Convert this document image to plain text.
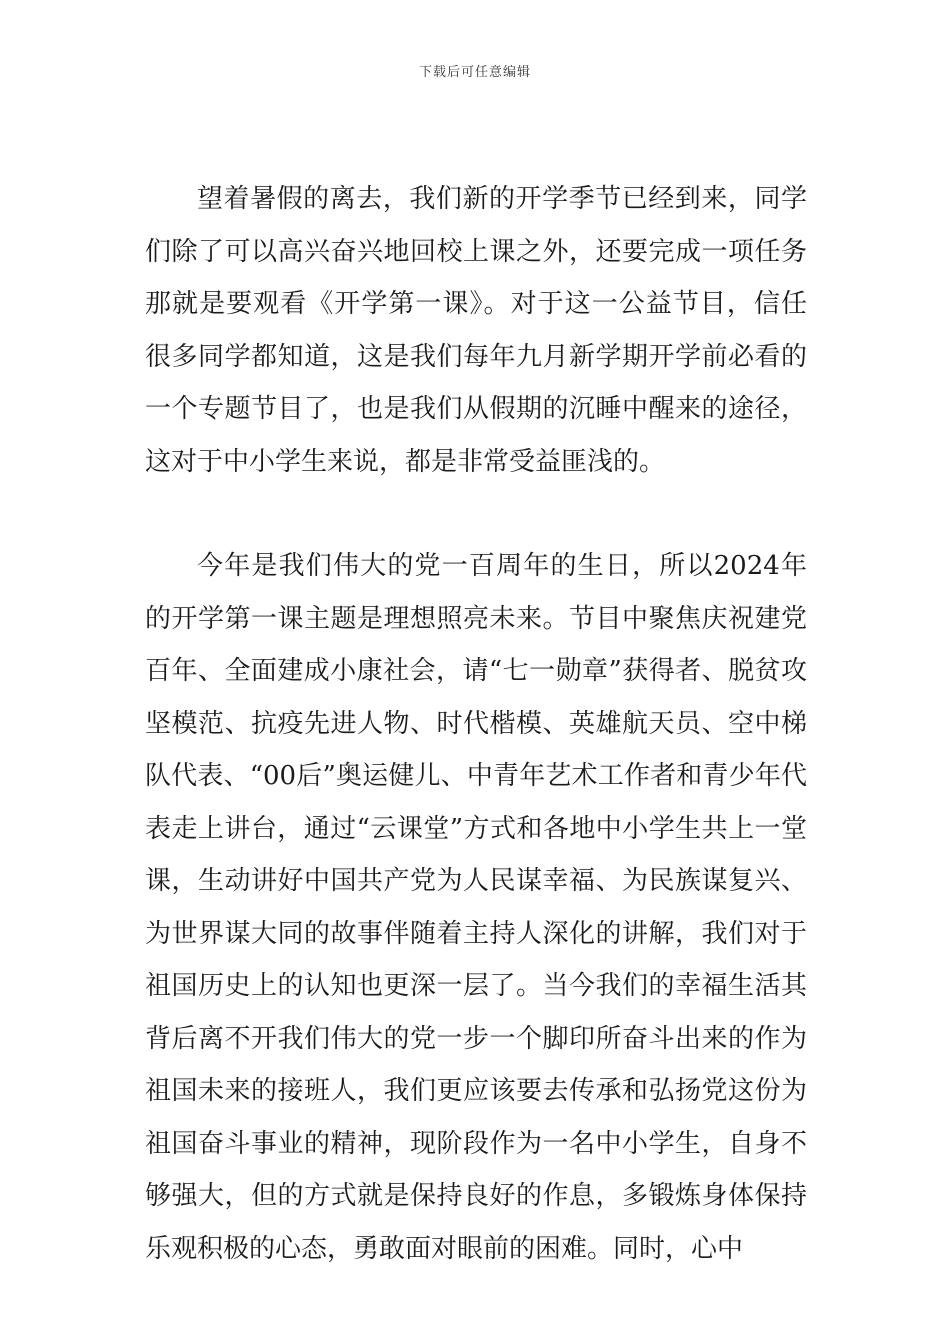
下载后可任意编辑

望着暑假的离去，我们新的开学季节已经到来，同学们除了可以高兴奋兴地回校上课之外，还要完成一项任务那就是要观看《开学第一课》。对于这一公益节目，信任很多同学都知道，这是我们每年九月新学期开学前必看的一个专题节目了，也是我们从假期的沉睡中醒来的途径，这对于中小学生来说，都是非常受益匪浅的。

今年是我们伟大的党一百周年的生日，所以2024年的开学第一课主题是理想照亮未来。节目中聚焦庆祝建党百年、全面建成小康社会，请“七一勋章”获得者、脱贫攻坚模范、抗疫先进人物、时代楷模、英雄航天员、空中梯队代表、“00后”奥运健儿、中青年艺术工作者和青少年代表走上讲台，通过“云课堂”方式和各地中小学生共上一堂课，生动讲好中国共产党为人民谋幸福、为民族谋复兴、为世界谋大同的故事伴随着主持人深化的讲解，我们对于祖国历史上的认知也更深一层了。当今我们的幸福生活其背后离不开我们伟大的党一步一个脚印所奋斗出来的作为祖国未来的接班人，我们更应该要去传承和弘扬党这份为祖国奋斗事业的精神，现阶段作为一名中小学生，自身不够强大，但的方式就是保持良好的作息，多锻炼身体保持乐观积极的心态，勇敢面对眼前的困难。同时，心中
